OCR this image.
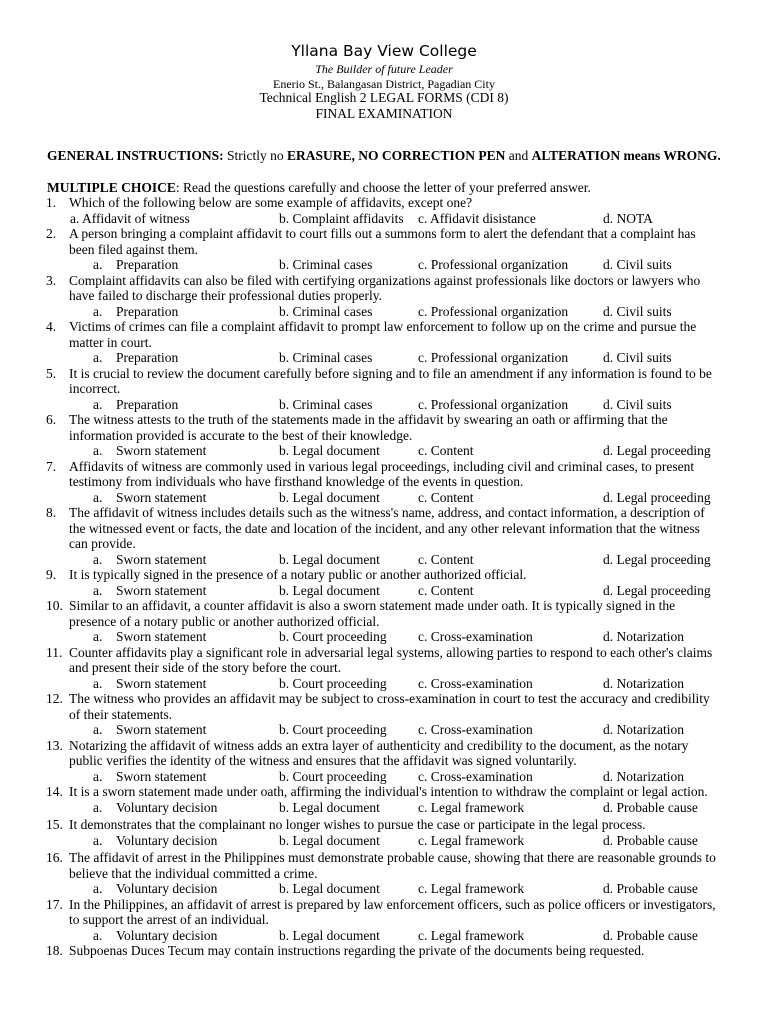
Yllana Bay View College
The Builder of future Leader
Enerio St., Balangasan District, Pagadian City
Technical English 2 LEGAL FORMS (CDI 8)
FINAL EXAMINATION
GENERAL INSTRUCTIONS: Strictly no ERASURE, NO CORRECTION PEN and ALTERATION means WRONG.
MULTIPLE CHOICE: Read the questions carefully and choose the letter of your preferred answer.
1. Which of the following below are some example of affidavits, except one?
a. Affidavit of witness	b. Complaint affidavits c. Affidavit disistance	d. NOTA
2. A person bringing a complaint affidavit to court fills out a summons form to alert the defendant that a complaint has been filed against them.
a. Preparation	b. Criminal cases	c. Professional organization	d. Civil suits
3. Complaint affidavits can also be filed with certifying organizations against professionals like doctors or lawyers who have failed to discharge their professional duties properly.
a. Preparation	b. Criminal cases	c. Professional organization	d. Civil suits
4. Victims of crimes can file a complaint affidavit to prompt law enforcement to follow up on the crime and pursue the matter in court.
a. Preparation	b. Criminal cases	c. Professional organization	d. Civil suits
5. It is crucial to review the document carefully before signing and to file an amendment if any information is found to be incorrect.
a. Preparation	b. Criminal cases	c. Professional organization	d. Civil suits
6. The witness attests to the truth of the statements made in the affidavit by swearing an oath or affirming that the information provided is accurate to the best of their knowledge.
a. Sworn statement	b. Legal document	c. Content	d. Legal proceeding
7. Affidavits of witness are commonly used in various legal proceedings, including civil and criminal cases, to present testimony from individuals who have firsthand knowledge of the events in question.
a. Sworn statement	b. Legal document	c. Content	d. Legal proceeding
8. The affidavit of witness includes details such as the witness's name, address, and contact information, a description of the witnessed event or facts, the date and location of the incident, and any other relevant information that the witness can provide.
a. Sworn statement	b. Legal document	c. Content	d. Legal proceeding
9. It is typically signed in the presence of a notary public or another authorized official.
a. Sworn statement	b. Legal document	c. Content	d. Legal proceeding
10. Similar to an affidavit, a counter affidavit is also a sworn statement made under oath. It is typically signed in the presence of a notary public or another authorized official.
a. Sworn statement	b. Court proceeding c. Cross-examination	d. Notarization
11. Counter affidavits play a significant role in adversarial legal systems, allowing parties to respond to each other's claims and present their side of the story before the court.
a. Sworn statement	b. Court proceeding c. Cross-examination	d. Notarization
12. The witness who provides an affidavit may be subject to cross-examination in court to test the accuracy and credibility of their statements.
a. Sworn statement	b. Court proceeding c. Cross-examination	d. Notarization
13. Notarizing the affidavit of witness adds an extra layer of authenticity and credibility to the document, as the notary public verifies the identity of the witness and ensures that the affidavit was signed voluntarily.
a. Sworn statement	b. Court proceeding c. Cross-examination	d. Notarization
14. It is a sworn statement made under oath, affirming the individual's intention to withdraw the complaint or legal action.
a. Voluntary decision	b. Legal document	c. Legal framework	d. Probable cause
15. It demonstrates that the complainant no longer wishes to pursue the case or participate in the legal process.
a. Voluntary decision	b. Legal document	c. Legal framework	d. Probable cause
16. The affidavit of arrest in the Philippines must demonstrate probable cause, showing that there are reasonable grounds to believe that the individual committed a crime.
a. Voluntary decision	b. Legal document	c. Legal framework	d. Probable cause
17. In the Philippines, an affidavit of arrest is prepared by law enforcement officers, such as police officers or investigators, to support the arrest of an individual.
a. Voluntary decision	b. Legal document	c. Legal framework	d. Probable cause
18. Subpoenas Duces Tecum may contain instructions regarding the private of the documents being requested.
